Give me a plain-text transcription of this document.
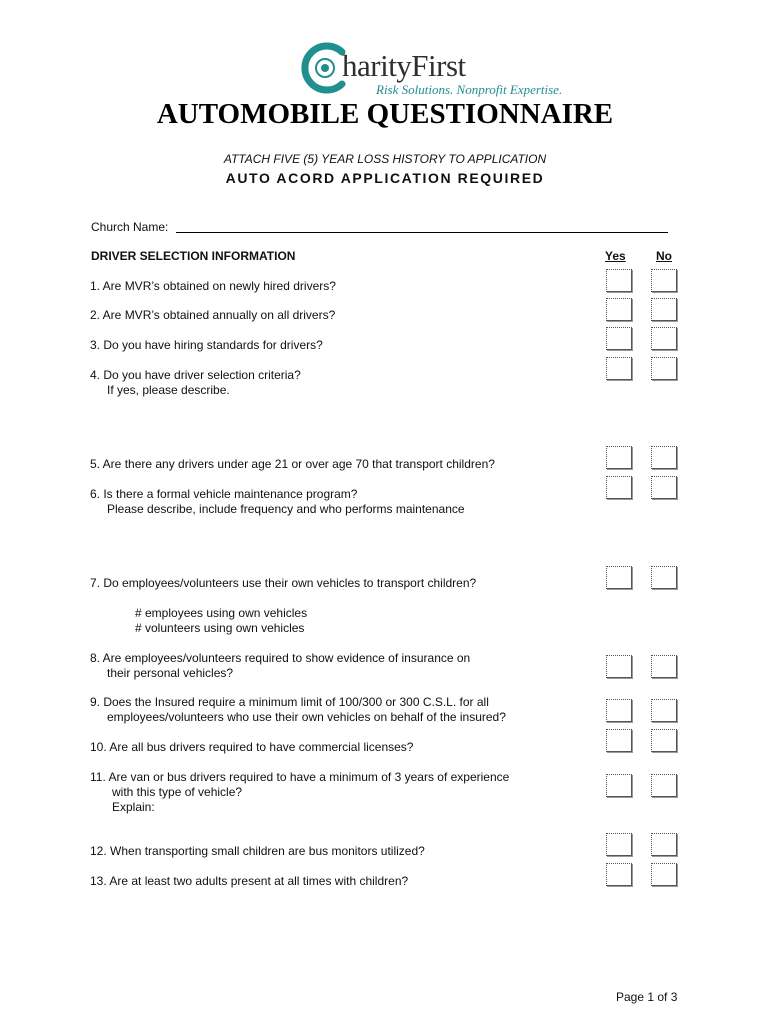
harityFirst
Risk Solutions. Nonprofit Expertise.
AUTOMOBILE QUESTIONNAIRE
ATTACH FIVE (5) YEAR LOSS HISTORY TO APPLICATION
AUTO ACORD APPLICATION REQUIRED
Church Name:
DRIVER SELECTION INFORMATION	Yes	No
1. Are MVR’s obtained on newly hired drivers?
2. Are MVR’s obtained annually on all drivers?
3. Do you have hiring standards for drivers?
4. Do you have driver selection criteria?
If yes, please describe.
5. Are there any drivers under age 21 or over age 70 that transport children?
6. Is there a formal vehicle maintenance program?
Please describe, include frequency and who performs maintenance
7. Do employees/volunteers use their own vehicles to transport children?
# employees using own vehicles
# volunteers using own vehicles
8. Are employees/volunteers required to show evidence of insurance on
their personal vehicles?
9. Does the Insured require a minimum limit of 100/300 or 300 C.S.L. for all
employees/volunteers who use their own vehicles on behalf of the insured?
10. Are all bus drivers required to have commercial licenses?
11. Are van or bus drivers required to have a minimum of 3 years of experience
with this type of vehicle?
Explain:
12. When transporting small children are bus monitors utilized?
13. Are at least two adults present at all times with children?
Page 1 of 3
